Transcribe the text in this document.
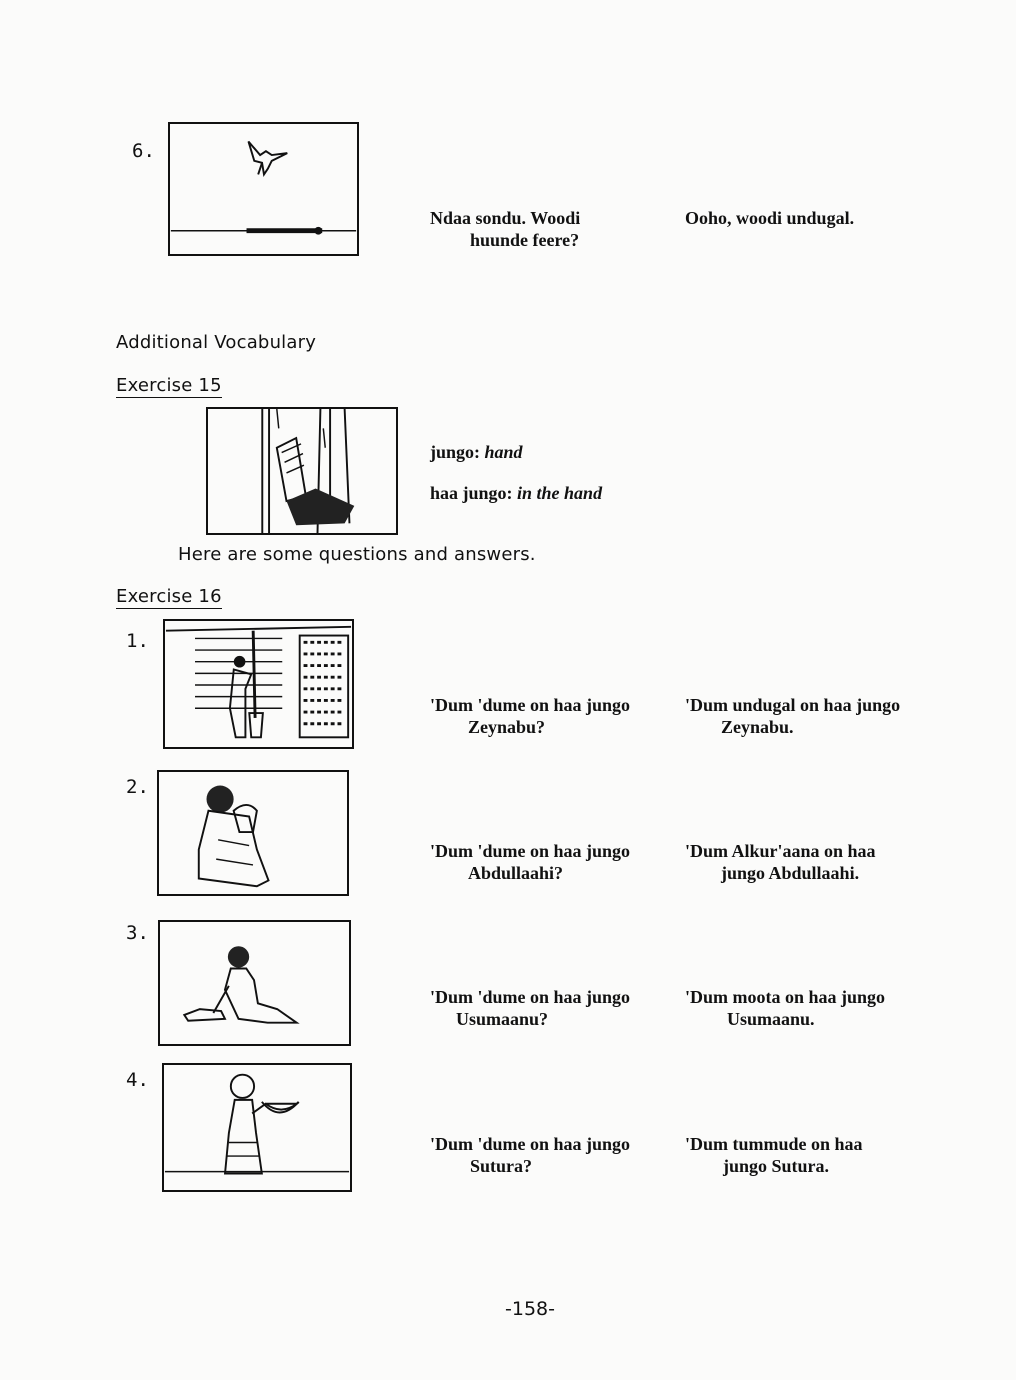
6.
Ndaa sondu. Woodi
huunde feere?
Ooho, woodi undugal.
Additional Vocabulary
Exercise 15
jungo: hand
haa jungo: in the hand
Here are some questions and answers.
Exercise 16
1.
'Dum 'dume on haa jungo
Zeynabu?
'Dum undugal on haa jungo
Zeynabu.
2.
'Dum 'dume on haa jungo
Abdullaahi?
'Dum Alkur'aana on haa
jungo Abdullaahi.
3.
'Dum 'dume on haa jungo
Usumaanu?
'Dum moota on haa jungo
Usumaanu.
4.
'Dum 'dume on haa jungo
Sutura?
'Dum tummude on haa
jungo Sutura.
-158-
